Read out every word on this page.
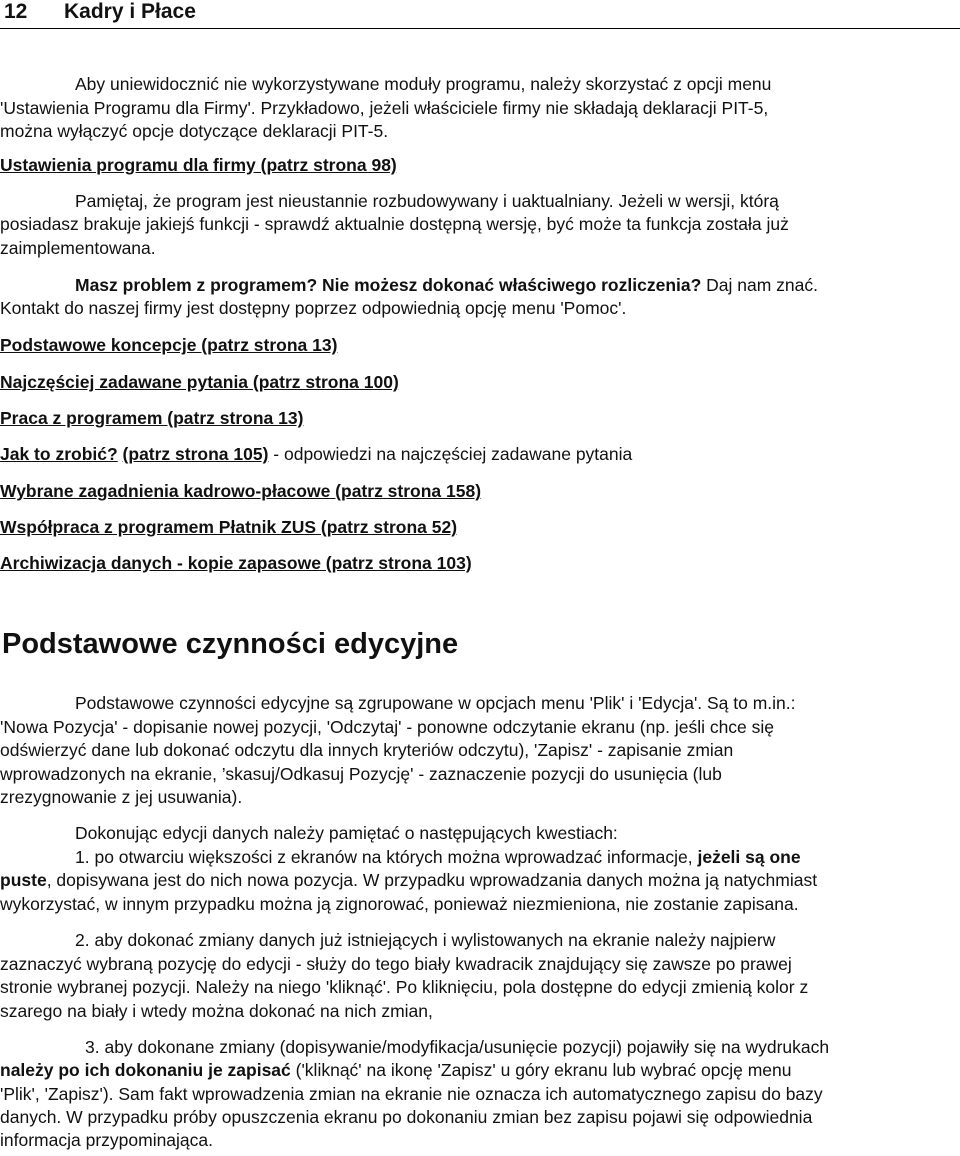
12 Kadry i Płace
Aby uniewidocznić nie wykorzystywane moduły programu, należy skorzystać z opcji menu
'Ustawienia Programu dla Firmy'. Przykładowo, jeżeli właściciele firmy nie składają deklaracji PIT-5,
można wyłączyć opcje dotyczące deklaracji PIT-5.
Ustawienia programu dla firmy (patrz strona 98)
Pamiętaj, że program jest nieustannie rozbudowywany i uaktualniany. Jeżeli w wersji, którą
posiadasz brakuje jakiejś funkcji - sprawdź aktualnie dostępną wersję, być może ta funkcja została już
zaimplementowana.
Masz problem z programem? Nie możesz dokonać właściwego rozliczenia? Daj nam znać.
Kontakt do naszej firmy jest dostępny poprzez odpowiednią opcję menu 'Pomoc'.
Podstawowe koncepcje (patrz strona 13)
Najczęściej zadawane pytania (patrz strona 100)
Praca z programem (patrz strona 13)
Jak to zrobić? (patrz strona 105) - odpowiedzi na najczęściej zadawane pytania
Wybrane zagadnienia kadrowo-płacowe (patrz strona 158)
Współpraca z programem Płatnik ZUS (patrz strona 52)
Archiwizacja danych - kopie zapasowe (patrz strona 103)
Podstawowe czynności edycyjne
Podstawowe czynności edycyjne są zgrupowane w opcjach menu 'Plik' i 'Edycja'. Są to m.in.:
'Nowa Pozycja' - dopisanie nowej pozycji, 'Odczytaj' - ponowne odczytanie ekranu (np. jeśli chce się
odświerzyć dane lub dokonać odczytu dla innych kryteriów odczytu), 'Zapisz' - zapisanie zmian
wprowadzonych na ekranie, ’skasuj/Odkasuj Pozycję' - zaznaczenie pozycji do usunięcia (lub
zrezygnowanie z jej usuwania).
Dokonując edycji danych należy pamiętać o następujących kwestiach:
1. po otwarciu większości z ekranów na których można wprowadzać informacje, jeżeli są one
puste, dopisywana jest do nich nowa pozycja. W przypadku wprowadzania danych można ją natychmiast
wykorzystać, w innym przypadku można ją zignorować, ponieważ niezmieniona, nie zostanie zapisana.
2. aby dokonać zmiany danych już istniejących i wylistowanych na ekranie należy najpierw
zaznaczyć wybraną pozycję do edycji - służy do tego biały kwadracik znajdujący się zawsze po prawej
stronie wybranej pozycji. Należy na niego 'kliknąć'. Po kliknięciu, pola dostępne do edycji zmienią kolor z
szarego na biały i wtedy można dokonać na nich zmian,
3. aby dokonane zmiany (dopisywanie/modyfikacja/usunięcie pozycji) pojawiły się na wydrukach
należy po ich dokonaniu je zapisać ('kliknąć' na ikonę 'Zapisz' u góry ekranu lub wybrać opcję menu
'Plik', 'Zapisz'). Sam fakt wprowadzenia zmian na ekranie nie oznacza ich automatycznego zapisu do bazy
danych. W przypadku próby opuszczenia ekranu po dokonaniu zmian bez zapisu pojawi się odpowiednia
informacja przypominająca.
